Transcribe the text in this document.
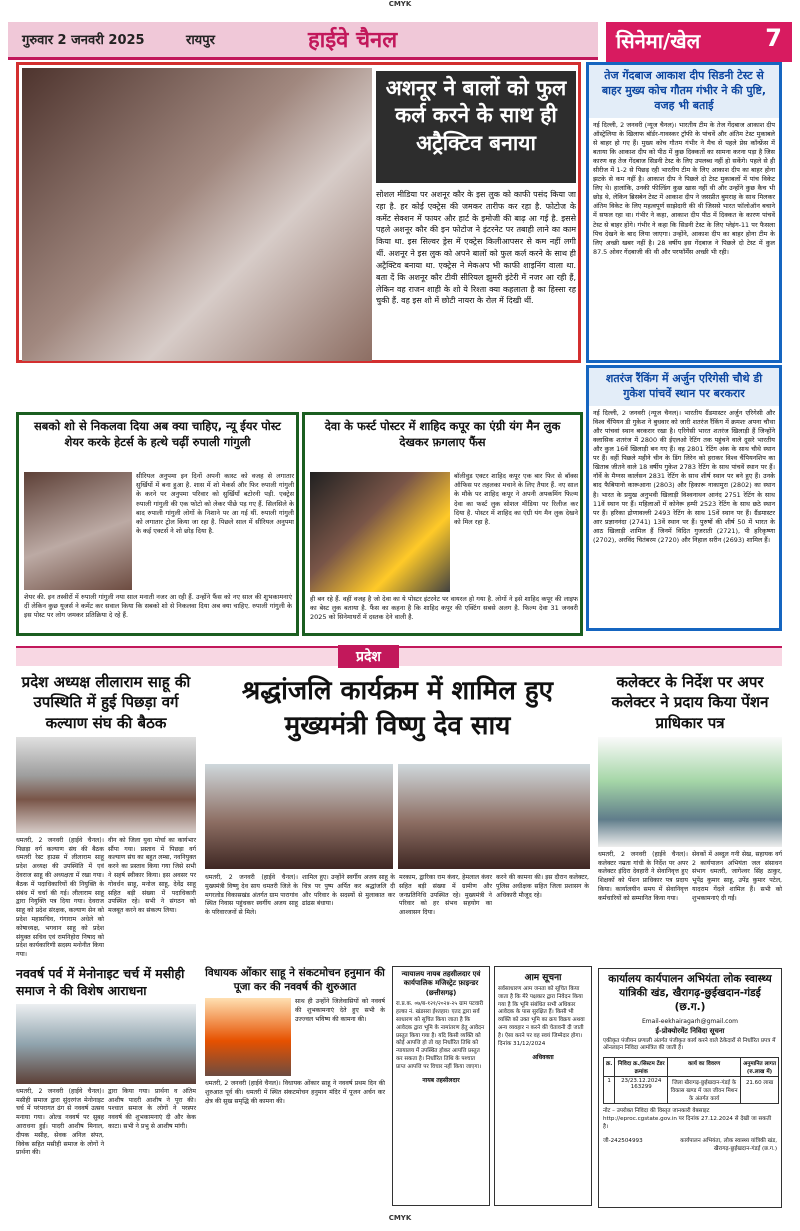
CMYK
गुरुवार 2 जनवरी 2025	रायपुर	हाईवे चैनल	सिनेमा/खेल	7
अशनूर ने बालों को फुल कर्ल करने के साथ ही अट्रैक्टिव बनाया
सोशल मीडिया पर अशनूर कौर के इस लुक को काफी पसंद किया जा रहा है. हर कोई एक्ट्रेस की जमकर तारीफ कर रहा है. फोटोज के कमेंट सेक्शन में फायर और हार्ट के इमोजी की बाढ़ आ गई है. इससे पहले अशनूर कौर की इन फोटोज ने इंटरनेट पर तबाही लाने का काम किया था. इस सिल्वर ड्रेस में एक्ट्रेस किलीआपसर से कम नहीं लगी थीं. अशनूर ने इस लुक को अपने बालों को फुल कर्ल करने के साथ ही अट्रैक्टिव बनाया था. एक्ट्रेस ने मेकअप भी काफी शाइनिंग वाला था. बता दें कि अशनूर कौर टीवी सीरियल झुमरी इंटेरी में नजर आ रही हैं, लेकिन वह राजन शाही के शो ये रिश्ता क्या कहलाता है का हिस्सा रह चुकी हैं. वह इस शो में छोटी नायरा के रोल में दिखी थीं.
तेज गेंदबाज आकाश दीप सिडनी टेस्ट से बाहर मुख्य कोच गौतम गंभीर ने की पुष्टि, वजह भी बताई
नई दिल्ली, 2 जनवरी (न्यूज चैनल)। भारतीय टीम के तेज गेंदबाज आकाश दीप ऑस्ट्रेलिया के खिलाफ बॉर्डर-गावस्कर ट्रॉफी के पांचवें और अंतिम टेस्ट मुकाबले से बाहर हो गए हैं। मुख्य कोच गौतम गंभीर ने मैच से पहले प्रेस कॉन्फ्रेंस में बताया कि आकाश दीप को पीठ में कुछ दिक्कतों का सामना करना पड़ा है जिस कारण वह तेज गेंदबाज सिडनी टेस्ट के लिए उपलब्ध नहीं हो सकेंगे। पहले से ही सीरीज में 1-2 से पिछड़ रही भारतीय टीम के लिए आकाश दीप का बाहर होना झटके से कम नहीं है। आकाश दीप ने पिछले दो टेस्ट मुकाबलों में पांच विकेट लिए थे। हालांकि, उनकी फील्डिंग कुछ खास नहीं थी और उन्होंने कुछ कैच भी छोड़ थे, लेकिन ब्रिसबेन टेस्ट में आकाश दीप ने जसप्रीत बुमराह के साथ मिलकर अंतिम विकेट के लिए महत्वपूर्ण साझेदारी की थी जिससे भारत फॉलोऑन बचाने में सफल रहा था। गंभीर ने कहा, आकाश दीप पीठ में दिक्कत के कारण पांचवें टेस्ट से बाहर होंगे। गंभीर ने कहा कि सिडनी टेस्ट के लिए प्लेइंग-11 पर फैसला पिच देखने के बाद लिया जाएगा। उन्होंने, आकाश दीप का बाहर होना टीम के लिए अच्छी खबर नहीं है। 28 वर्षीय इस गेंदबाज ने पिछले दो टेस्ट में कुल 87.5 ओवर गेंदबाजी की थी और परफॉर्मेंस अच्छी भी रही।
शतरंज रैंकिंग में अर्जुन एरिगेसी चौथे डी गुकेश पांचवें स्थान पर बरकरार
नई दिल्ली, 2 जनवरी (न्यूज चैनल)। भारतीय ग्रैंडमास्टर अर्जुन एरिगेसी और विश्व चैंपियन डी गुकेश ने बुधवार को जारी शतरंज रैंकिंग में क्रमशः अपना चौथा और पांचवां स्थान बरकरार रखा है। एरिगेसी भारत शतरंज खिलाड़ी हैं जिन्होंने क्लासिक शतरंज में 2800 की ईएलओ रेटिंग तक पहुंचने वाले दूसरे भारतीय और कुल 16वें खिलाड़ी बन गए हैं। वह 2801 रेटिंग अंक के साथ चौथे स्थान पर हैं। वहीं पिछले महीने चीन के डिंग लिरेन को हराकर विश्व चैंपियनशिप का खिताब जीतने वाले 18 वर्षीय गुकेश 2783 रेटिंग के साथ पांचवें स्थान पर हैं। नॉर्वे के मैग्नस कार्लसन 2831 रेटिंग के साथ शीर्ष स्थान पर बने हुए हैं। उनके बाद फैबियानो कारूआना (2803) और हिकारू नाकामुरा (2802) का स्थान है। भारत के प्रमुख अनुभवी खिलाड़ी विश्वनाथन आनंद 2751 रेटिंग के साथ 11वें स्थान पर हैं। महिलाओं में कोनेरू हम्पी 2523 रेटिंग के साथ छठे स्थान पर हैं। हरिका द्रोणावल्ली 2493 रेटिंग के साथ 15वें स्थान पर हैं। ग्रैंडमास्टर आर प्रज्ञाननंदा (2741) 13वें स्थान पर हैं। पुरुषों की शीर्ष 50 में भारत के आठ खिलाड़ी शामिल हैं जिनमें विदित गुजराती (2721), पी हरिकृष्णा (2702), अरविंद चितंबरम (2720) और निहाल सरीन (2693) शामिल हैं।
सबको शो से निकलवा दिया अब क्या चाहिए, न्यू ईयर पोस्ट शेयर करके हेटर्स के हत्थे चढ़ीं रुपाली गांगुली
सीरियल अनुपमा इन दिनों अपनी कास्ट को वजह से लगातार सुर्खियों में बना हुआ है. शास में शो मेकर्स और फिर रुपाली गांगुली के करने पर अनुपमा परिवार को सुर्खियाँ बटोरनी पड़ी. एक्ट्रेस रुपाली गांगुली की एक फोटो को लेकर पीछे पड़ गए हैं. सिलसिले के बाद रुपाली गांगुली लोगों के निशाने पर आ गई थीं. रुपाली गांगुली को लगातार ट्रोल किया जा रहा है. पिछले साल में सीरियल अनुपमा के कई एक्टर्स ने शो छोड़ दिया है.
शेयर की. इन तस्वीरों में रुपाली गांगुली नया साल मनाती नजर आ रही हैं. उन्होंने फैंस को नए साल की शुभकामनाएं दीं लेकिन कुछ यूजर्स ने कमेंट कर सवाल किया कि सबको शो से निकलवा दिया अब क्या चाहिए. रुपाली गांगुली के इस पोस्ट पर लोग जमकर प्रतिक्रिया दे रहे हैं.
देवा के फर्स्ट पोस्टर में शाहिद कपूर का एंग्री यंग मैन लुक देखकर फ़गलाए फैंस
बॉलीवुड एक्टर शाहिद कपूर एक बार फिर से बॉक्स ऑफिस पर तहलका मचाने के लिए तैयार हैं. नए साल के मौके पर शाहिद कपूर ने अपनी अपकमिंग फिल्म देवा का फर्स्ट लुक सोशल मीडिया पर रिलीज कर दिया है. पोस्टर में शाहिद का एंग्री यंग मैन लुक देखने को मिल रहा है.
ही बन रहे हैं. वहीं वजह है जो देवा का ये पोस्टर इंटरनेट पर वायरल हो गया है. लोगों ने इसे शाहिद कपूर की लाइफ का बेस्ट लुक बताया है. फैंस का कहना है कि शाहिद कपूर की एक्टिंग सबसे अलग है. फिल्म देवा 31 जनवरी 2025 को सिनेमाघरों में दस्तक देने वाली है.
प्रदेश
प्रदेश अध्यक्ष लीलाराम साहू की उपस्थिति में हुई पिछड़ा वर्ग कल्याण संघ की बैठक
धमतरी, 2 जनवरी (हाईवे चैनल)। पिछड़ा वर्ग कल्याण संघ की बैठक धमतरी रेस्ट हाउस में लीलाराम साहू प्रदेश अध्यक्ष की उपस्थिति में एवं देवराज साहू की अध्यक्षता में रखा गया। बैठक में पदाधिकारियों की नियुक्ति के संबंध में चर्चा की गई। लीलाराम साहू द्वारा नियुक्ति पत्र दिया गया। देवराज साहू को प्रदेश संरक्षक, कल्याण सेन को प्रदेश महासचिव, गंगाराम अधेले को कोषाध्यक्ष, भगवान साहू को प्रदेश संयुक्त सचिव एवं रामनिहोरा निषाद को प्रदेश कार्यकारिणी सदस्य मनोनीत किया गया।
वीन को जिला युवा मोर्चा का कार्यभार सौंपा गया। प्रस्ताव में पिछड़ा वर्ग कल्याण संघ का बहुत लम्बा, नवनियुक्त करने का प्रस्ताव किया गया जिसे सभी ने सहर्ष स्वीकार किया। इस अवसर पर गोवर्धन साहू, मनोज साहू, देवेंद्र साहू सहित बड़ी संख्या में पदाधिकारी उपस्थित रहे। सभी ने संगठन को मजबूत करने का संकल्प लिया।
श्रद्धांजलि कार्यक्रम में शामिल हुए मुख्यमंत्री विष्णु देव साय
धमतरी, 2 जनवरी (हाईवे चैनल)। मुख्यमंत्री विष्णु देव साय धमतरी जिले के मगरलोड विकासखंड अंतर्गत ग्राम पारागांव स्थित निवास पहुंचकर स्वर्गीय अजय साहू के परिवारजनों से मिले।
शामिल हुए। उन्होंने स्वर्गीय अजय साहू के चित्र पर पुष्प अर्पित कर श्रद्धांजलि दी और परिवार के सदस्यों से मुलाकात कर ढांढस बंधाया।
मरकाम, द्वारिका राम कंवर, हेमलाल कंवर सहित बड़ी संख्या में ग्रामीण और जनप्रतिनिधि उपस्थित रहे। मुख्यमंत्री ने परिवार को हर संभव सहयोग का आश्वासन दिया।
करने की कामना की। इस दौरान कलेक्टर, पुलिस अधीक्षक सहित जिला प्रशासन के अधिकारी मौजूद रहे।
कलेक्टर के निर्देश पर अपर कलेक्टर ने प्रदाय किया पेंशन प्राधिकार पत्र
धमतरी, 2 जनवरी (हाईवे चैनल)। कलेक्टर नम्रता गांधी के निर्देश पर अपर कलेक्टर इंदिरा देवहारी ने सेवानिवृत्त हुए शिक्षकों को पेंशन प्राधिकार पत्र प्रदाय किया। कार्यालयीन समय में सेवानिवृत्त कर्मचारियों को सम्मानित किया गया।
सेवकों में अब्दुल गनी सेख, सहायक वर्ग 2 कार्यपालन अभियंता जल संसाधन संभाग धमतरी, जागेश्वर सिंह ठाकुर, भूपेंद्र कुमार साहू, उपेंद्र कुमार पटेल, यादराम गेंदले शामिल हैं। सभी को शुभकामनाएं दी गईं।
नववर्ष पर्व में मेनोनाइट चर्च में मसीही समाज ने की विशेष आराधना
धमतरी, 2 जनवरी (हाईवे चैनल)। मसीही समाज द्वारा सुंदरगंज मेनोनाइट चर्च में परंपरागत ढंग से नववर्ष उत्सव मनाया गया। ओल्ड नववर्ष पर सुबह आराधना हुई। पादरी आशीष मिनाल, दीपक मसीह, सेवक अनिल संपत, विवेक सहित मसीही समाज के लोगों ने प्रार्थना की।
द्वारा किया गया। प्रार्थना व अंतिम आशीष पादरी आशीष ने पूरा की। पश्चात समाज के लोगों ने परस्पर नववर्ष की शुभकामनाएं दी और केक काटा। सभी ने प्रभु से आशीष मांगी।
विधायक ओंकार साहू ने संकटमोचन हनुमान की पूजा कर की नववर्ष की शुरुआत
साथ ही उन्होंने जिलेवासियों को नववर्ष की शुभकामनाएं देते हुए सभी के उज्ज्वल भविष्य की कामना की।
धमतरी, 2 जनवरी (हाईवे चैनल)। विधायक ओंकार साहू ने नववर्ष प्रथम दिन की शुरुआत पूर्व की। धमतरी में स्थित संकटमोचन हनुमान मंदिर में पूजन अर्चन कर क्षेत्र की सुख समृद्धि की कामना की।
न्यायालय नायब तहसीलदार एवं कार्यपालिक मजिस्ट्रेट फ़ाइन्डर (छत्तीसगढ़)
रा.प्र.क. ०७/ब-१२१/२०२४-२५ ग्राम पटवारी हल्का नं. खंडसरा ईश्तहार। एतद द्वारा सर्व साधारण को सूचित किया जाता है कि आवेदक द्वारा भूमि के नामांतरण हेतु आवेदन प्रस्तुत किया गया है। यदि किसी व्यक्ति को कोई आपत्ति हो तो वह निर्धारित तिथि को न्यायालय में उपस्थित होकर आपत्ति प्रस्तुत कर सकता है। निर्धारित तिथि के पश्चात प्राप्त आपत्ति पर विचार नहीं किया जाएगा।
नायब तहसीलदार
आम सूचना
सर्वसाधारण आम जनता को सूचित किया जाता है कि मेरे पक्षकार द्वारा निवेदन किया गया है कि भूमि संबंधित सभी अधिकार आवेदक के पास सुरक्षित हैं। किसी भी व्यक्ति को उक्त भूमि का क्रय विक्रय अथवा अन्य व्यवहार न करने की चेतावनी दी जाती है। ऐसा करने पर वह स्वयं जिम्मेदार होगा। दिनांक 31/12/2024
अधिवक्ता
कार्यालय कार्यपालन अभियंता लोक स्वास्थ्य यांत्रिकी खंड, खैरागढ़-छुईखदान-गंडई (छ.ग.)
Email-eekhairagarh@gmail.com
ई-प्रोक्योरमेंट निविदा सूचना
एकीकृत पंजीयन प्रणाली अंतर्गत पंजीकृत कार्य करने वाले ठेकेदारों से निर्धारित प्रपत्र में ऑनलाइन निविदा आमंत्रित की जाती है।
क्र.	निविदा क्र./सिस्टम टेंडर क्रमांक	कार्य का विवरण	अनुमानित लागत (रु.लाख में)
1	23/23.12.2024 163299	जिला खैरागढ़-छुईखदान-गंडई के विकास खण्ड में जल जीवन मिशन के अंतर्गत कार्य	21.60 लाख
नोट – उपरोक्त निविदा की विस्तृत जानकारी वेबसाइट http://eproc.cgstate.gov.in पर दिनांक 27.12.2024 से देखी जा सकती है।
जी-242504993	कार्यपालन अभियंता, लोक स्वास्थ्य यांत्रिकी खंड, खैरागढ़-छुईखदान-गंडई (छ.ग.)
CMYK
